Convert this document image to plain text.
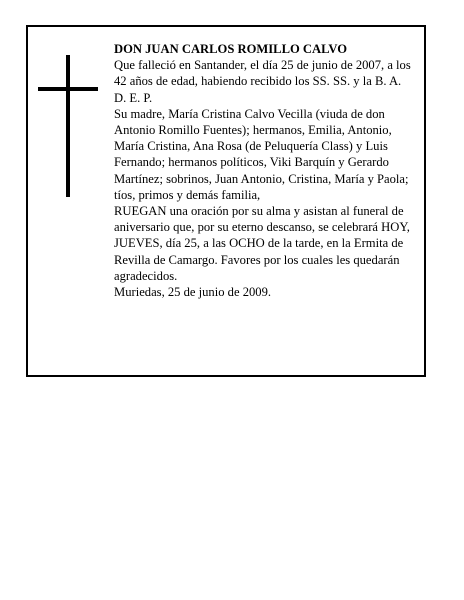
DON JUAN CARLOS ROMILLO CALVO

Que falleció en Santander, el día 25 de junio de 2007, a los 42 años de edad, habiendo recibido los SS. SS. y la B. A.

D. E. P.

Su madre, María Cristina Calvo Vecilla (viuda de don Antonio Romillo Fuentes); hermanos, Emilia, Antonio, María Cristina, Ana Rosa (de Peluquería Class) y Luis Fernando; hermanos políticos, Viki Barquín y Gerardo Martínez; sobrinos, Juan Antonio, Cristina, María y Paola; tíos, primos y demás familia,

RUEGAN una oración por su alma y asistan al funeral de aniversario que, por su eterno descanso, se celebrará HOY, JUEVES, día 25, a las OCHO de la tarde, en la Ermita de Revilla de Camargo. Favores por los cuales les quedarán agradecidos.

Muriedas, 25 de junio de 2009.
